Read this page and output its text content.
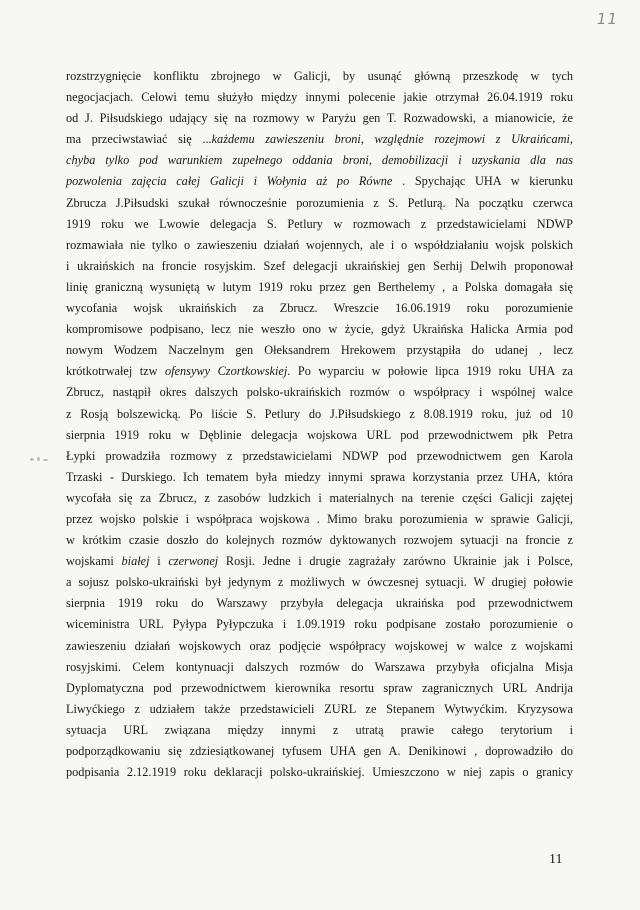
11
rozstrzygnięcie konfliktu zbrojnego w Galicji, by usunąć główną przeszkodę w tych
negocjacjach. Celowi temu służyło między innymi polecenie jakie otrzymał 26.04.1919 roku
od J. Piłsudskiego udający się na rozmowy w Paryżu gen T. Rozwadowski, a mianowicie, że
ma przeciwstawiać się ...każdemu zawieszeniu broni, względnie rozejmowi z Ukraińcami,
chyba tylko pod warunkiem zupełnego oddania broni, demobilizacji i uzyskania dla nas
pozwolenia zajęcia całej Galicji i Wołynia aż po Równe . Spychając UHA w kierunku
Zbrucza J.Piłsudski szukał równocześnie porozumienia z S. Petlurą. Na początku czerwca
1919 roku we Lwowie delegacja S. Petlury w rozmowach z przedstawicielami NDWP
rozmawiała nie tylko o zawieszeniu działań wojennych, ale i o współdziałaniu wojsk polskich
i ukraińskich na froncie rosyjskim. Szef delegacji ukraińskiej gen Serhij Delwih proponował
linię graniczną wysuniętą w lutym 1919 roku przez gen Berthelemy , a Polska domagała się
wycofania wojsk ukraińskich za Zbrucz. Wreszcie 16.06.1919 roku porozumienie
kompromisowe podpisano, lecz nie weszło ono w życie, gdyż Ukraińska Halicka Armia pod
nowym Wodzem Naczelnym gen Ołeksandrem Hrekowem przystąpiła do udanej , lecz
krótkotrwałej tzw ofensywy Czortkowskiej. Po wyparciu w połowie lipca 1919 roku UHA za
Zbrucz, nastąpił okres dalszych polsko-ukraińskich rozmów o współpracy i wspólnej walce
z Rosją bolszewicką. Po liście S. Petlury do J.Piłsudskiego z 8.08.1919 roku, już od 10
sierpnia 1919 roku w Dęblinie delegacja wojskowa URL pod przewodnictwem płk Petra
Łypki prowadziła rozmowy z przedstawicielami NDWP pod przewodnictwem gen Karola
Trzaski - Durskiego. Ich tematem była miedzy innymi sprawa korzystania przez UHA, która
wycofała się za Zbrucz, z zasobów ludzkich i materialnych na terenie części Galicji zajętej
przez wojsko polskie i współpraca wojskowa . Mimo braku porozumienia w sprawie Galicji,
w krótkim czasie doszło do kolejnych rozmów dyktowanych rozwojem sytuacji na froncie z
wojskami białej i czerwonej Rosji. Jedne i drugie zagrażały zarówno Ukrainie jak i Polsce,
a sojusz polsko-ukraiński był jedynym z możliwych w ówczesnej sytuacji. W drugiej połowie
sierpnia 1919 roku do Warszawy przybyła delegacja ukraińska pod przewodnictwem
wiceministra URL Pyłypa Pyłypczuka i 1.09.1919 roku podpisane zostało porozumienie o
zawieszeniu działań wojskowych oraz podjęcie współpracy wojskowej w walce z wojskami
rosyjskimi. Celem kontynuacji dalszych rozmów do Warszawa przybyła oficjalna Misja
Dyplomatyczna pod przewodnictwem kierownika resortu spraw zagranicznych URL Andrija
Liwyćkiego z udziałem także przedstawicieli ZURL ze Stepanem Wytwyćkim. Kryzysowa
sytuacja URL związana między innymi z utratą prawie całego terytorium i
podporządkowaniu się zdziesiątkowanej tyfusem UHA gen A. Denikinowi , doprowadziło do
podpisania 2.12.1919 roku deklaracji polsko-ukraińskiej. Umieszczono w niej zapis o granicy
11
